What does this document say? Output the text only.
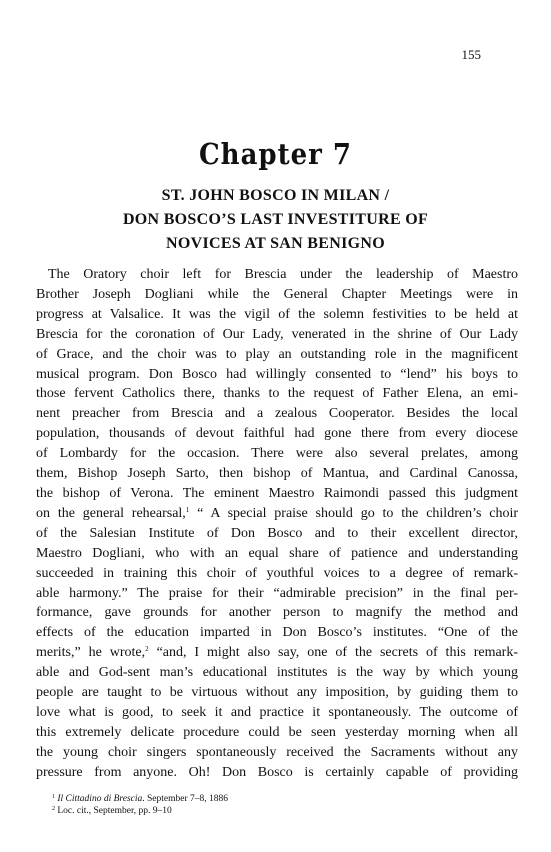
155
Chapter 7
ST. JOHN BOSCO IN MILAN /
DON BOSCO’S LAST INVESTITURE OF
NOVICES AT SAN BENIGNO
The Oratory choir left for Brescia under the leadership of Maestro
Brother Joseph Dogliani while the General Chapter Meetings were in
progress at Valsalice. It was the vigil of the solemn festivities to be held at
Brescia for the coronation of Our Lady, venerated in the shrine of Our Lady
of Grace, and the choir was to play an outstanding role in the magnificent
musical program. Don Bosco had willingly consented to “lend” his boys to
those fervent Catholics there, thanks to the request of Father Elena, an emi-
nent preacher from Brescia and a zealous Cooperator. Besides the local
population, thousands of devout faithful had gone there from every diocese
of Lombardy for the occasion. There were also several prelates, among
them, Bishop Joseph Sarto, then bishop of Mantua, and Cardinal Canossa,
the bishop of Verona. The eminent Maestro Raimondi passed this judgment
on the general rehearsal,$^1$ “ A special praise should go to the children’s choir
of the Salesian Institute of Don Bosco and to their excellent director,
Maestro Dogliani, who with an equal share of patience and understanding
succeeded in training this choir of youthful voices to a degree of remark-
able harmony.” The praise for their “admirable precision” in the final per-
formance, gave grounds for another person to magnify the method and
effects of the education imparted in Don Bosco’s institutes. “One of the
merits,” he wrote,$^2$ “and, I might also say, one of the secrets of this remark-
able and God-sent man’s educational institutes is the way by which young
people are taught to be virtuous without any imposition, by guiding them to
love what is good, to seek it and practice it spontaneously. The outcome of
this extremely delicate procedure could be seen yesterday morning when all
the young choir singers spontaneously received the Sacraments without any
pressure from anyone. Oh! Don Bosco is certainly capable of providing
$^1$ Il Cittadino di Brescia. September 7–8, 1886
$^2$ Loc. cit., September, pp. 9–10
